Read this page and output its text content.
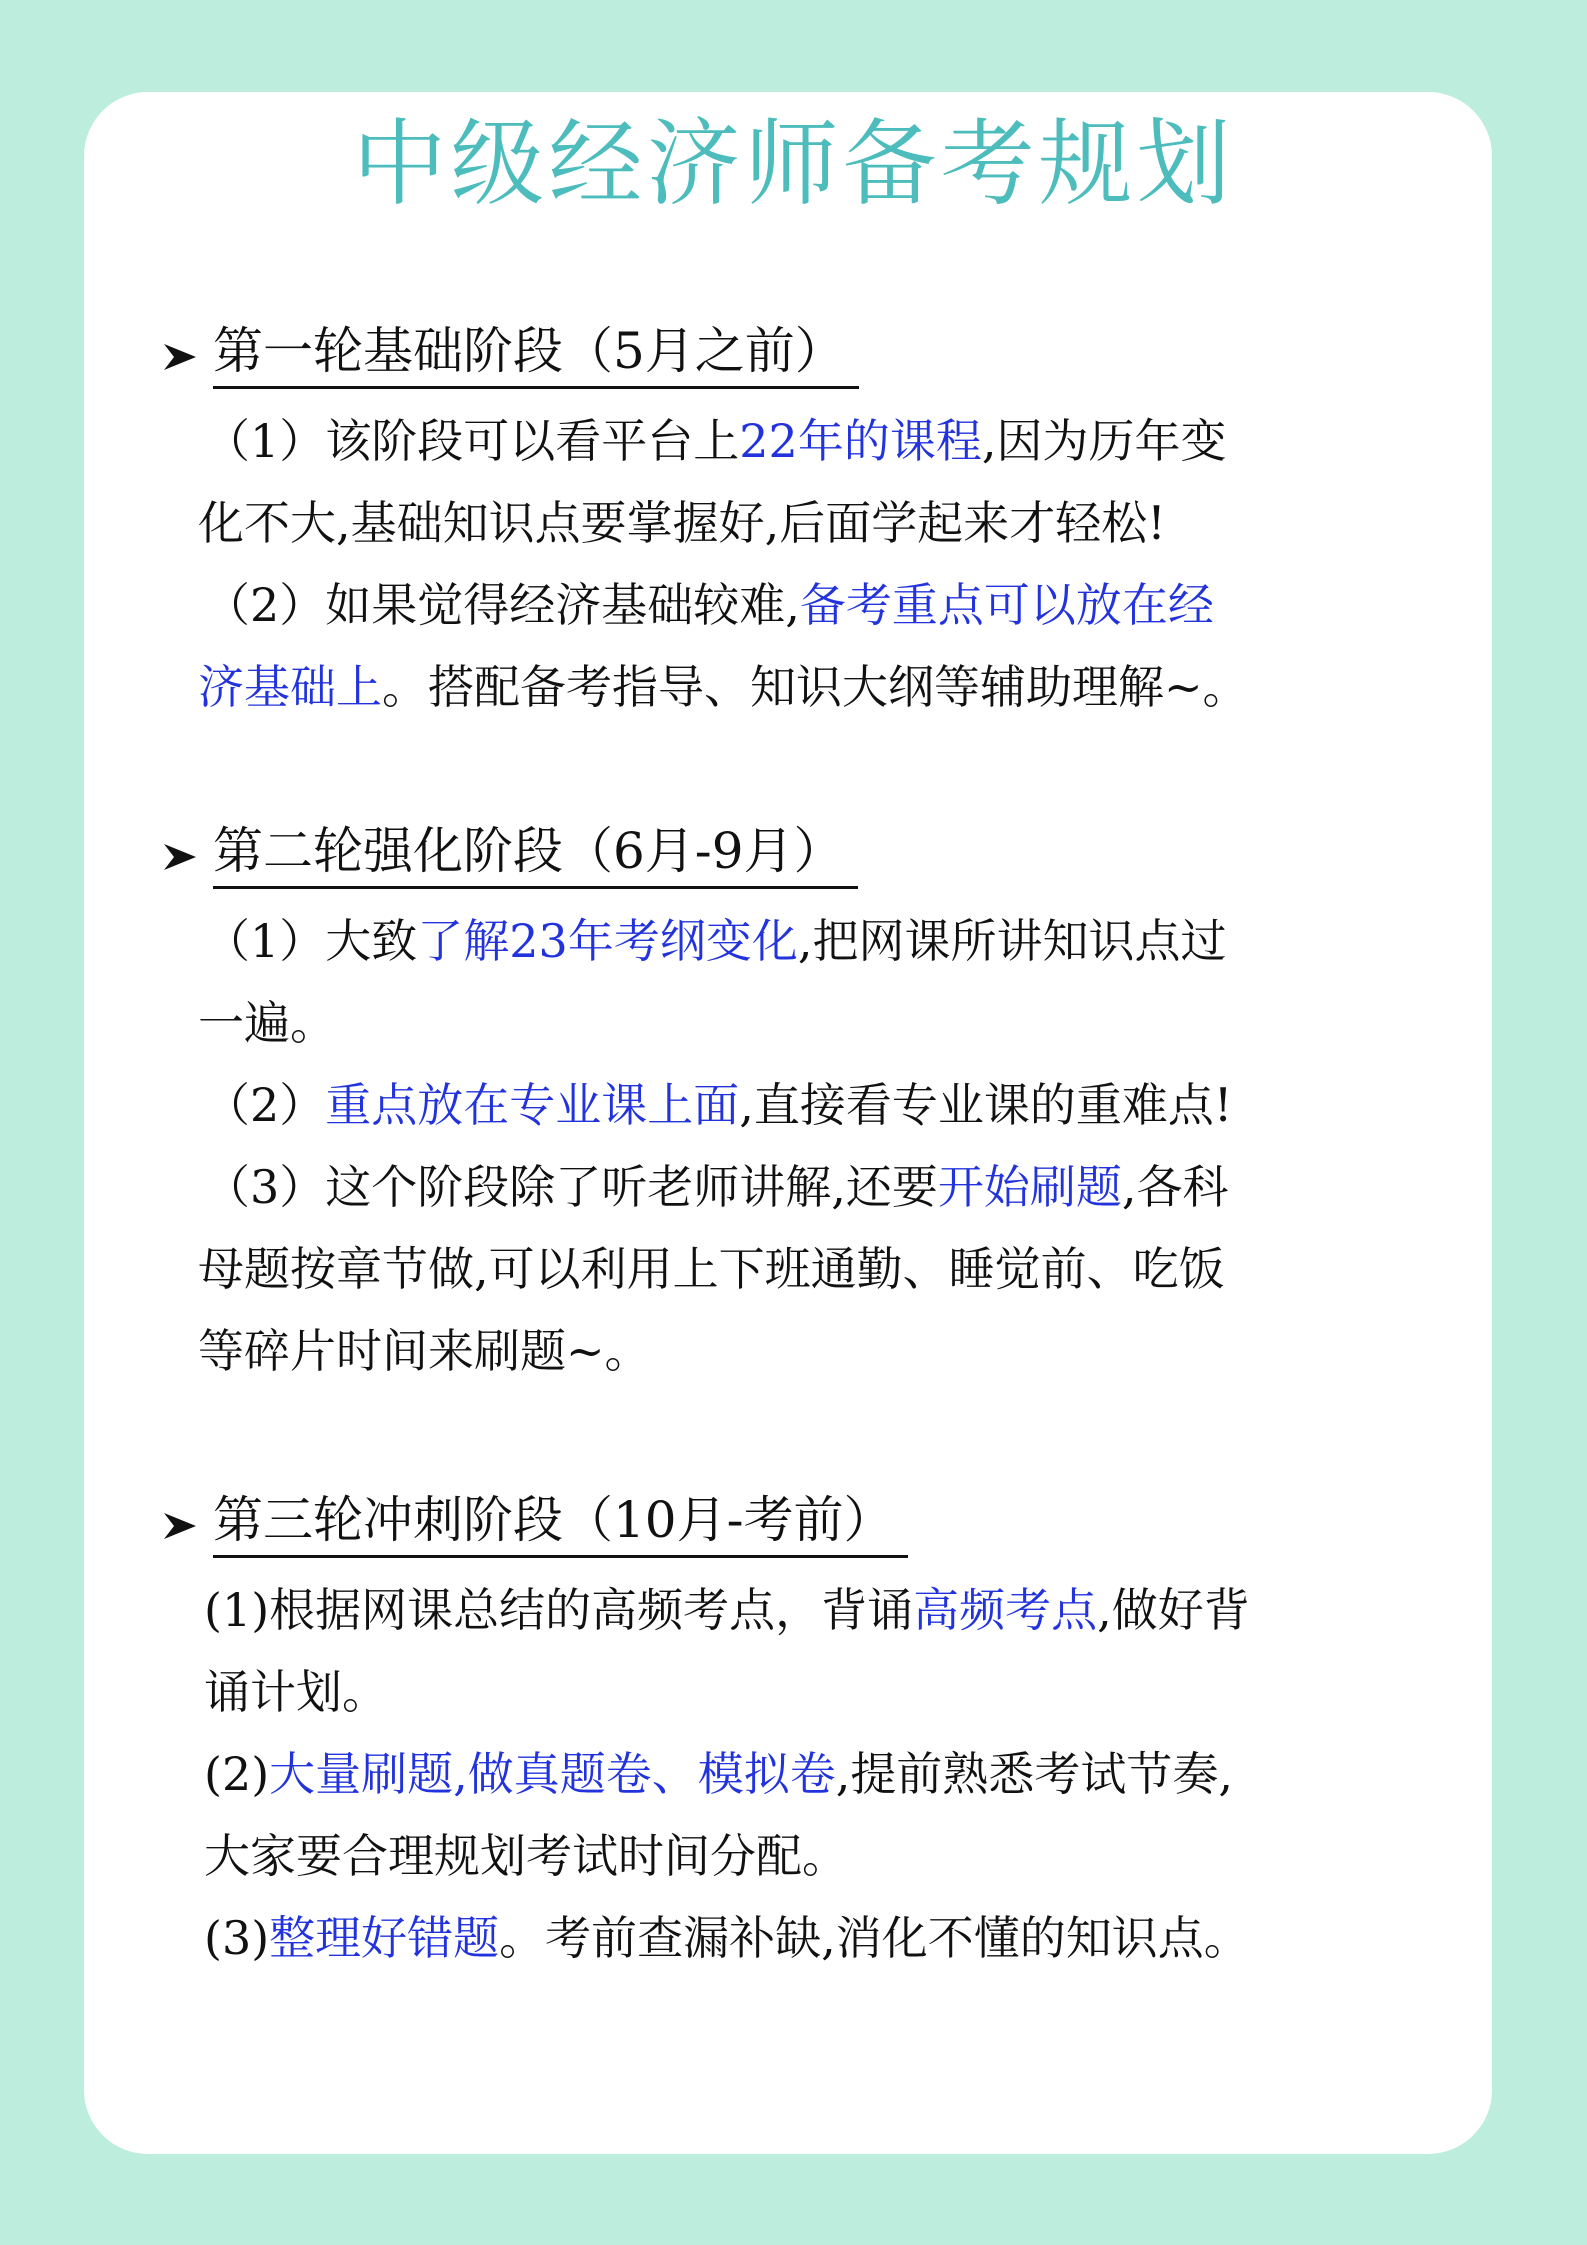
中级经济师备考规划
第一轮基础阶段（5月之前）

（1）该阶段可以看平台上22年的课程,因为历年变

化不大,基础知识点要掌握好,后面学起来才轻松!

（2）如果觉得经济基础较难,备考重点可以放在经

济基础上。搭配备考指导、知识大纲等辅助理解~。

第二轮强化阶段（6月-9月）

（1）大致了解23年考纲变化,把网课所讲知识点过

一遍。

（2）重点放在专业课上面,直接看专业课的重难点!

（3）这个阶段除了听老师讲解,还要开始刷题,各科

母题按章节做,可以利用上下班通勤、睡觉前、吃饭

等碎片时间来刷题~。

第三轮冲刺阶段（10月-考前）

(1)根据网课总结的高频考点，背诵高频考点,做好背

诵计划。

(2)大量刷题,做真题卷、模拟卷,提前熟悉考试节奏,

大家要合理规划考试时间分配。

(3)整理好错题。考前查漏补缺,消化不懂的知识点。
